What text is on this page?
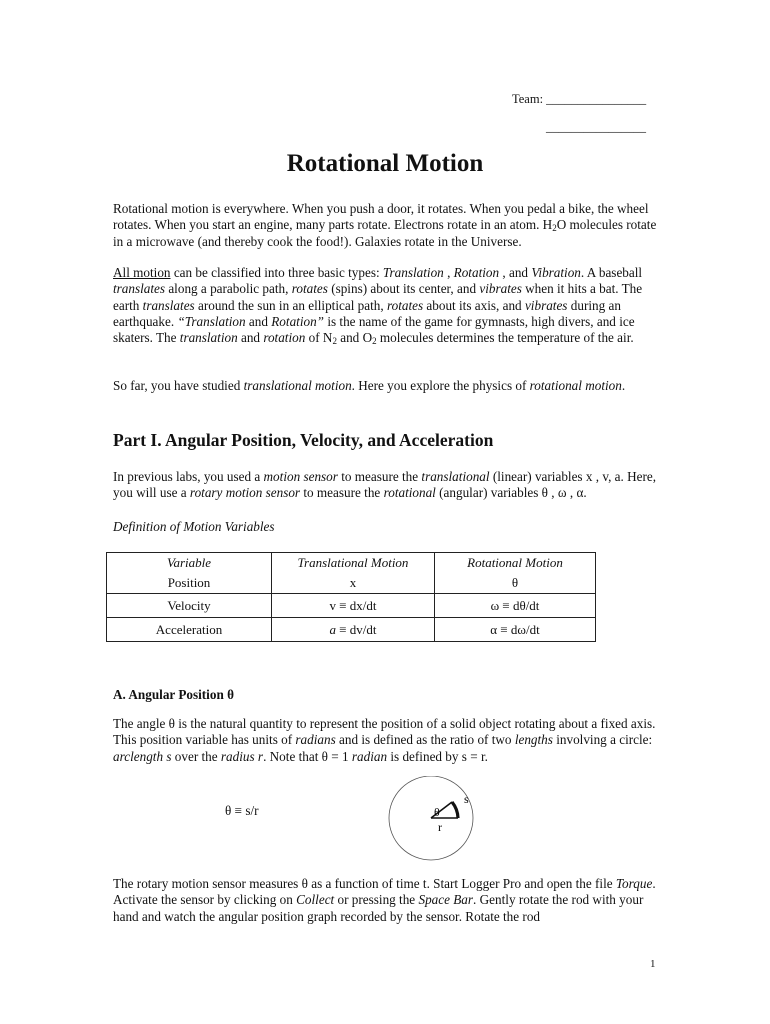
Team: ________________
________________
Rotational Motion
Rotational motion is everywhere. When you push a door, it rotates. When you pedal a bike, the wheel rotates. When you start an engine, many parts rotate. Electrons rotate in an atom. $H_2O$ molecules rotate in a microwave (and thereby cook the food!). Galaxies rotate in the Universe.
All motion can be classified into three basic types: Translation , Rotation , and Vibration. A baseball translates along a parabolic path, rotates (spins) about its center, and vibrates when it hits a bat. The earth translates around the sun in an elliptical path, rotates about its axis, and vibrates during an earthquake. “Translation and Rotation” is the name of the game for gymnasts, high divers, and ice skaters. The translation and rotation of $N_2$ and $O_2$ molecules determines the temperature of the air.
So far, you have studied translational motion. Here you explore the physics of rotational motion.
Part I. Angular Position, Velocity, and Acceleration
In previous labs, you used a motion sensor to measure the translational (linear) variables x , v, a. Here, you will use a rotary motion sensor to measure the rotational (angular) variables θ , ω , α.
Definition of Motion Variables
Variable	Translational Motion	Rotational Motion
Position	x	θ
Velocity	v ≡ dx/dt	ω ≡ dθ/dt
Acceleration	a ≡ dv/dt	α ≡ dω/dt
A. Angular Position θ
The angle θ is the natural quantity to represent the position of a solid object rotating about a fixed axis. This position variable has units of radians and is defined as the ratio of two lengths involving a circle: arclength s over the radius r. Note that θ = 1 radian is defined by s = r.
θ ≡ s/r
s
θ
r
The rotary motion sensor measures θ as a function of time t. Start Logger Pro and open the file Torque. Activate the sensor by clicking on Collect or pressing the Space Bar. Gently rotate the rod with your hand and watch the angular position graph recorded by the sensor. Rotate the rod
1
